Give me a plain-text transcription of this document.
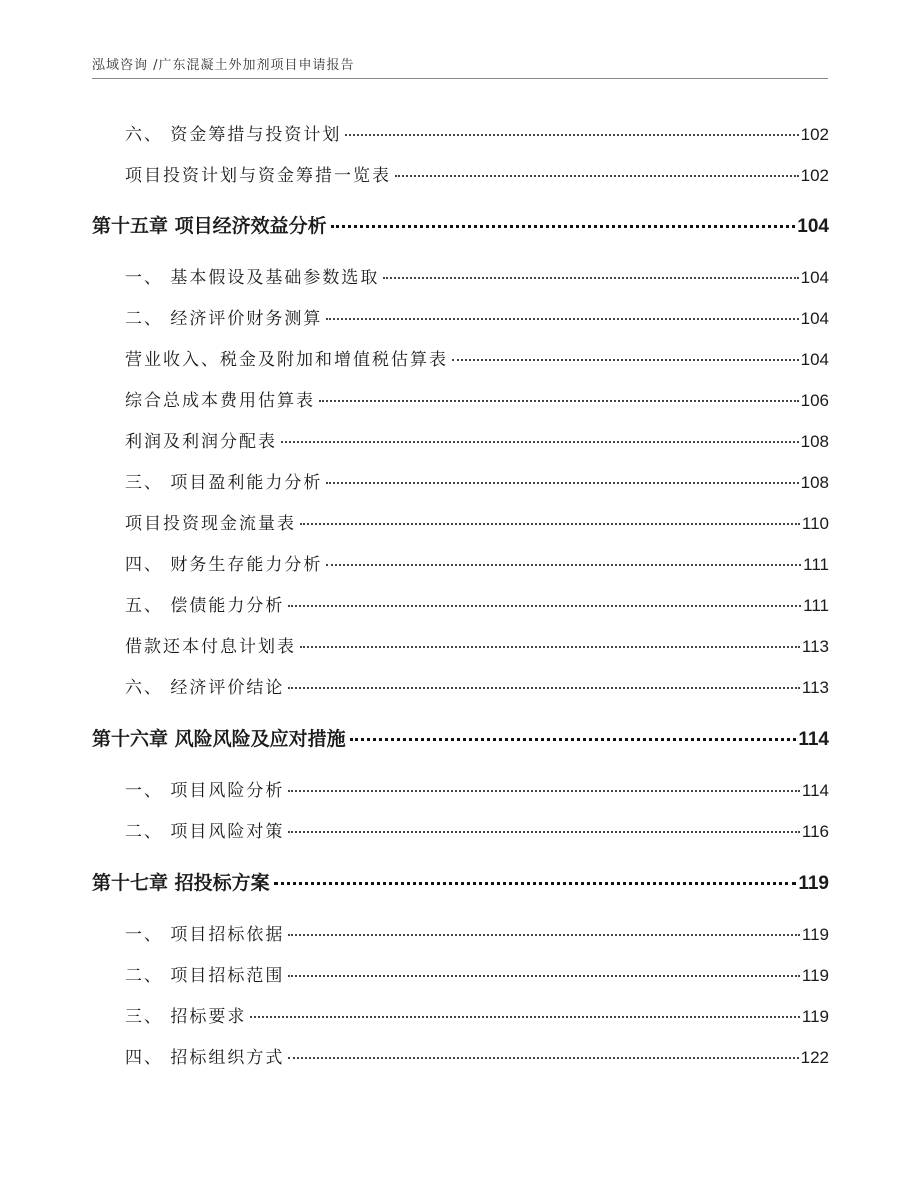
泓域咨询 /广东混凝土外加剂项目申请报告
六、 资金筹措与投资计划	102
项目投资计划与资金筹措一览表	102
第十五章 项目经济效益分析	104
一、 基本假设及基础参数选取	104
二、 经济评价财务测算	104
营业收入、税金及附加和增值税估算表	104
综合总成本费用估算表	106
利润及利润分配表	108
三、 项目盈利能力分析	108
项目投资现金流量表	110
四、 财务生存能力分析	111
五、 偿债能力分析	111
借款还本付息计划表	113
六、 经济评价结论	113
第十六章 风险风险及应对措施	114
一、 项目风险分析	114
二、 项目风险对策	116
第十七章 招投标方案	119
一、 项目招标依据	119
二、 项目招标范围	119
三、 招标要求	119
四、 招标组织方式	122
